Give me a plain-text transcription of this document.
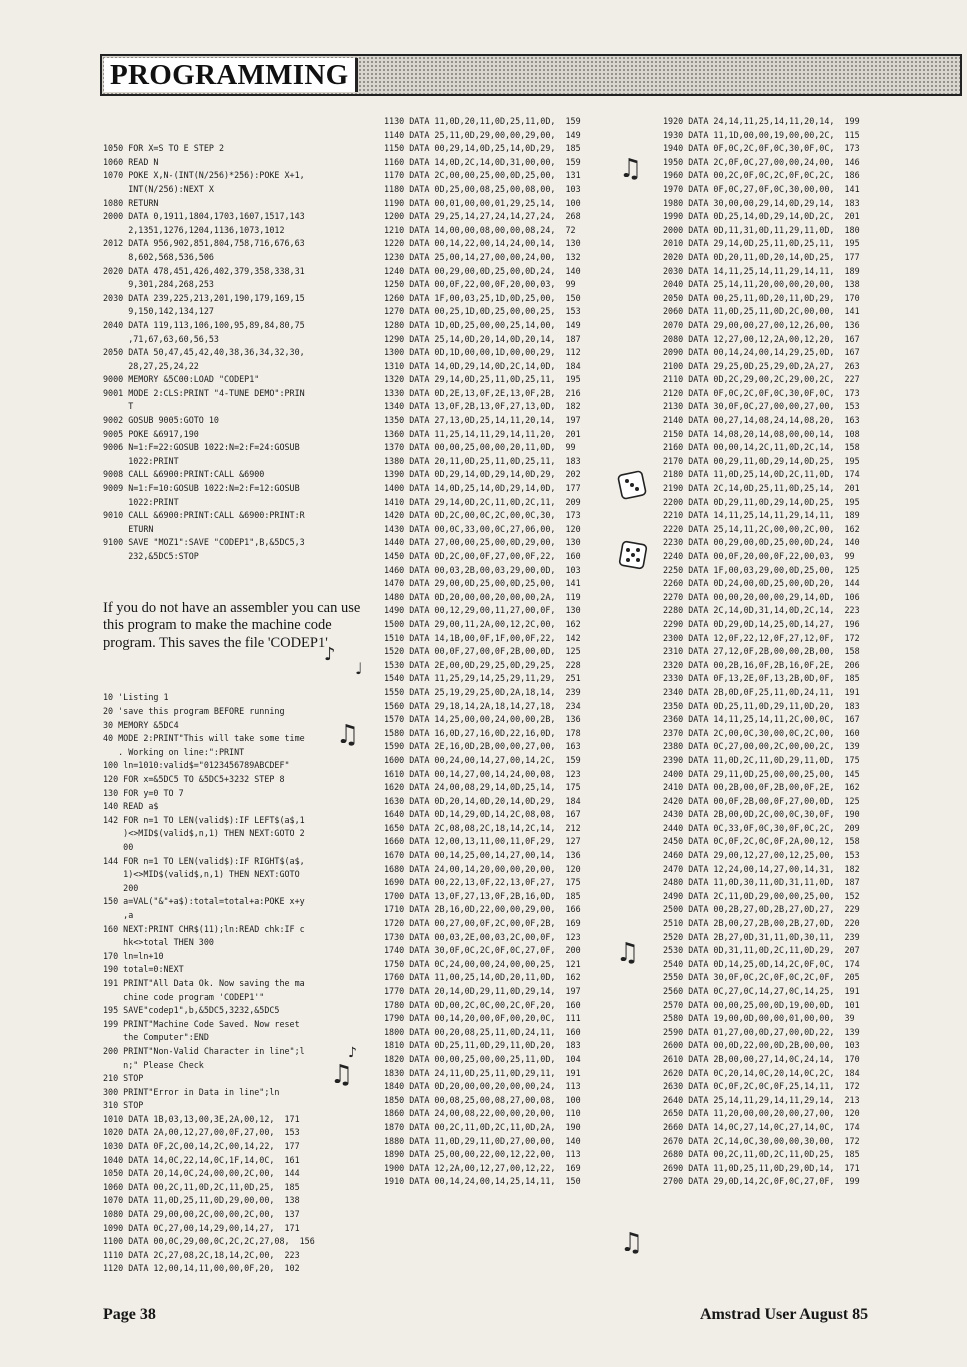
PROGRAMMING

1050 FOR X=S TO E STEP 2
1060 READ N
1070 POKE X,N-(INT(N/256)*256):POKE X+1,
INT(N/256):NEXT X
1080 RETURN
2000 DATA 0,1911,1804,1703,1607,1517,143
2,1351,1276,1204,1136,1073,1012
2012 DATA 956,902,851,804,758,716,676,63
8,602,568,536,506
2020 DATA 478,451,426,402,379,358,338,31
9,301,284,268,253
2030 DATA 239,225,213,201,190,179,169,15
9,150,142,134,127
2040 DATA 119,113,106,100,95,89,84,80,75
,71,67,63,60,56,53
2050 DATA 50,47,45,42,40,38,36,34,32,30,
28,27,25,24,22
9000 MEMORY &5C00:LOAD "CODEP1"
9001 MODE 2:CLS:PRINT "4-TUNE DEMO":PRIN
T
9002 GOSUB 9005:GOTO 10
9005 POKE &6917,190
9006 N=1:F=22:GOSUB 1022:N=2:F=24:GOSUB
1022:PRINT
9008 CALL &6900:PRINT:CALL &6900
9009 N=1:F=10:GOSUB 1022:N=2:F=12:GOSUB
1022:PRINT
9010 CALL &6900:PRINT:CALL &6900:PRINT:R
ETURN
9100 SAVE "MOZ1":SAVE "CODEP1",B,&5DC5,3
232,&5DC5:STOP

If you do not have an assembler you can use this program to make the machine code program. This saves the file 'CODEP1'

10 'Listing 1
20 'save this program BEFORE running
30 MEMORY &5DC4
40 MODE 2:PRINT"This will take some time
. Working on line:":PRINT
100 ln=1010:valid$="0123456789ABCDEF"
120 FOR x=&5DC5 TO &5DC5+3232 STEP 8
130 FOR y=0 TO 7
140 READ a$
142 FOR n=1 TO LEN(valid$):IF LEFT$(a$,1
)<>MID$(valid$,n,1) THEN NEXT:GOTO 2
00
144 FOR n=1 TO LEN(valid$):IF RIGHT$(a$,
1)<>MID$(valid$,n,1) THEN NEXT:GOTO
200
150 a=VAL("&"+a$):total=total+a:POKE x+y
,a
160 NEXT:PRINT CHR$(11);ln:READ chk:IF c
hk<>total THEN 300
170 ln=ln+10
190 total=0:NEXT
191 PRINT"All Data Ok. Now saving the ma
chine code program 'CODEP1'"
195 SAVE"codep1",b,&5DC5,3232,&5DC5
199 PRINT"Machine Code Saved. Now reset
the Computer":END
200 PRINT"Non-Valid Character in line";l
n;" Please Check
210 STOP
300 PRINT"Error in Data in line";ln
310 STOP
1010 DATA 1B,03,13,00,3E,2A,00,12,  171
1020 DATA 2A,00,12,27,00,0F,27,00,  153
1030 DATA 0F,2C,00,14,2C,00,14,22,  177
1040 DATA 14,0C,22,14,0C,1F,14,0C,  161
1050 DATA 20,14,0C,24,00,00,2C,00,  144
1060 DATA 00,2C,11,0D,2C,11,0D,25,  185
1070 DATA 11,0D,25,11,0D,29,00,00,  138
1080 DATA 29,00,00,2C,00,00,2C,00,  137
1090 DATA 0C,27,00,14,29,00,14,27,  171
1100 DATA 00,0C,29,00,0C,2C,2C,27,08,  156
1110 DATA 2C,27,08,2C,18,14,2C,00,  223
1120 DATA 12,00,14,11,00,00,0F,20,  102

1130 DATA 11,0D,20,11,0D,25,11,0D,  159
1140 DATA 25,11,0D,29,00,00,29,00,  149
1150 DATA 00,29,14,0D,25,14,0D,29,  185
1160 DATA 14,0D,2C,14,0D,31,00,00,  159
1170 DATA 2C,00,00,25,00,0D,25,00,  131
1180 DATA 0D,25,00,08,25,00,08,00,  103
1190 DATA 00,01,00,00,01,29,25,14,  100
1200 DATA 29,25,14,27,24,14,27,24,  268
1210 DATA 14,00,00,08,00,00,08,24,  72
1220 DATA 00,14,22,00,14,24,00,14,  130
1230 DATA 25,00,14,27,00,00,24,00,  132
1240 DATA 00,29,00,0D,25,00,0D,24,  140
1250 DATA 00,0F,22,00,0F,20,00,03,  99
1260 DATA 1F,00,03,25,1D,0D,25,00,  150
1270 DATA 00,25,1D,0D,25,00,00,25,  153
1280 DATA 1D,0D,25,00,00,25,14,00,  149
1290 DATA 25,14,0D,20,14,0D,20,14,  187
1300 DATA 0D,1D,00,00,1D,00,00,29,  112
1310 DATA 14,0D,29,14,0D,2C,14,0D,  184
1320 DATA 29,14,0D,25,11,0D,25,11,  195
1330 DATA 0D,2E,13,0F,2E,13,0F,2B,  216
1340 DATA 13,0F,2B,13,0F,27,13,0D,  182
1350 DATA 27,13,0D,25,14,11,20,14,  197
1360 DATA 11,25,14,11,29,14,11,20,  201
1370 DATA 00,00,25,00,00,20,11,0D,  99
1380 DATA 20,11,0D,25,11,0D,25,11,  183
1390 DATA 0D,29,14,0D,29,14,0D,29,  202
1400 DATA 14,0D,25,14,0D,29,14,0D,  177
1410 DATA 29,14,0D,2C,11,0D,2C,11,  209
1420 DATA 0D,2C,00,0C,2C,00,0C,30,  173
1430 DATA 00,0C,33,00,0C,27,06,00,  120
1440 DATA 27,00,00,25,00,0D,29,00,  130
1450 DATA 0D,2C,00,0F,27,00,0F,22,  160
1460 DATA 00,03,2B,00,03,29,00,0D,  103
1470 DATA 29,00,0D,25,00,0D,25,00,  141
1480 DATA 0D,20,00,00,20,00,00,2A,  119
1490 DATA 00,12,29,00,11,27,00,0F,  130
1500 DATA 29,00,11,2A,00,12,2C,00,  162
1510 DATA 14,1B,00,0F,1F,00,0F,22,  142
1520 DATA 00,0F,27,00,0F,2B,00,0D,  125
1530 DATA 2E,00,0D,29,25,0D,29,25,  228
1540 DATA 11,25,29,14,25,29,11,29,  251
1550 DATA 25,19,29,25,0D,2A,18,14,  239
1560 DATA 29,18,14,2A,18,14,27,18,  234
1570 DATA 14,25,00,00,24,00,00,2B,  136
1580 DATA 16,0D,27,16,0D,22,16,0D,  178
1590 DATA 2E,16,0D,2B,00,00,27,00,  163
1600 DATA 00,24,00,14,27,00,14,2C,  159
1610 DATA 00,14,27,00,14,24,00,08,  123
1620 DATA 24,00,08,29,14,0D,25,14,  175
1630 DATA 0D,20,14,0D,20,14,0D,29,  184
1640 DATA 0D,14,29,0D,14,2C,08,08,  167
1650 DATA 2C,08,08,2C,18,14,2C,14,  212
1660 DATA 12,00,13,11,00,11,0F,29,  127
1670 DATA 00,14,25,00,14,27,00,14,  136
1680 DATA 24,00,14,20,00,00,20,00,  120
1690 DATA 00,22,13,0F,22,13,0F,27,  175
1700 DATA 13,0F,27,13,0F,2B,16,0D,  185
1710 DATA 2B,16,0D,22,00,00,29,00,  166
1720 DATA 00,27,00,0F,2C,00,0F,2B,  169
1730 DATA 00,03,2E,00,03,2C,00,0F,  123
1740 DATA 30,0F,0C,2C,0F,0C,27,0F,  200
1750 DATA 0C,24,00,00,24,00,00,25,  121
1760 DATA 11,00,25,14,0D,20,11,0D,  162
1770 DATA 20,14,0D,29,11,0D,29,14,  197
1780 DATA 0D,00,2C,0C,00,2C,0F,20,  160
1790 DATA 00,14,20,00,0F,00,20,0C,  111
1800 DATA 00,20,08,25,11,0D,24,11,  160
1810 DATA 0D,25,11,0D,29,11,0D,20,  183
1820 DATA 00,00,25,00,00,25,11,0D,  104
1830 DATA 24,11,0D,25,11,0D,29,11,  191
1840 DATA 0D,20,00,00,20,00,00,24,  113
1850 DATA 00,08,25,00,08,27,00,08,  100
1860 DATA 24,00,08,22,00,00,20,00,  110
1870 DATA 00,2C,11,0D,2C,11,0D,2A,  190
1880 DATA 11,0D,29,11,0D,27,00,00,  140
1890 DATA 25,00,00,22,00,12,22,00,  113
1900 DATA 12,2A,00,12,27,00,12,22,  169
1910 DATA 00,14,24,00,14,25,14,11,  150
1920 DATA 24,14,11,25,14,11,20,14,  199
1930 DATA 11,1D,00,00,19,00,00,2C,  115
1940 DATA 0F,0C,2C,0F,0C,30,0F,0C,  173
1950 DATA 2C,0F,0C,27,00,00,24,00,  146
1960 DATA 00,2C,0F,0C,2C,0F,0C,2C,  186
1970 DATA 0F,0C,27,0F,0C,30,00,00,  141
1980 DATA 30,00,00,29,14,0D,29,14,  183
1990 DATA 0D,25,14,0D,29,14,0D,2C,  201
2000 DATA 0D,11,31,0D,11,29,11,0D,  180
2010 DATA 29,14,0D,25,11,0D,25,11,  195
2020 DATA 0D,20,11,0D,20,14,0D,25,  177
2030 DATA 14,11,25,14,11,29,14,11,  189
2040 DATA 25,14,11,20,00,00,20,00,  138
2050 DATA 00,25,11,0D,20,11,0D,29,  170
2060 DATA 11,0D,25,11,0D,2C,00,00,  141
2070 DATA 29,00,00,27,00,12,26,00,  136
2080 DATA 12,27,00,12,2A,00,12,20,  167
2090 DATA 00,14,24,00,14,29,25,0D,  167
2100 DATA 29,25,0D,25,29,0D,2A,27,  263
2110 DATA 0D,2C,29,00,2C,29,00,2C,  227
2120 DATA 0F,0C,2C,0F,0C,30,0F,0C,  173
2130 DATA 30,0F,0C,27,00,00,27,00,  153
2140 DATA 00,27,14,08,24,14,08,20,  163
2150 DATA 14,08,20,14,08,00,00,14,  108
2160 DATA 00,00,14,2C,11,0D,2C,14,  158
2170 DATA 00,29,11,0D,29,14,0D,25,  195
2180 DATA 11,0D,25,14,0D,2C,11,0D,  174
2190 DATA 2C,14,0D,25,11,0D,25,14,  201
2200 DATA 0D,29,11,0D,29,14,0D,25,  195
2210 DATA 14,11,25,14,11,29,14,11,  189
2220 DATA 25,14,11,2C,00,00,2C,00,  162
2230 DATA 00,29,00,0D,25,00,0D,24,  140
2240 DATA 00,0F,20,00,0F,22,00,03,  99
2250 DATA 1F,00,03,29,00,0D,25,00,  125
2260 DATA 0D,24,00,0D,25,00,0D,20,  144
2270 DATA 00,00,20,00,00,29,14,0D,  106
2280 DATA 2C,14,0D,31,14,0D,2C,14,  223
2290 DATA 0D,29,0D,14,25,0D,14,27,  196
2300 DATA 12,0F,22,12,0F,27,12,0F,  172
2310 DATA 27,12,0F,2B,00,00,2B,00,  158
2320 DATA 00,2B,16,0F,2B,16,0F,2E,  206
2330 DATA 0F,13,2E,0F,13,2B,0D,0F,  185
2340 DATA 2B,0D,0F,25,11,0D,24,11,  191
2350 DATA 0D,25,11,0D,29,11,0D,20,  183
2360 DATA 14,11,25,14,11,2C,00,0C,  167
2370 DATA 2C,00,0C,30,00,0C,2C,00,  160
2380 DATA 0C,27,00,00,2C,00,00,2C,  139
2390 DATA 11,0D,2C,11,0D,29,11,0D,  175
2400 DATA 29,11,0D,25,00,00,25,00,  145
2410 DATA 00,2B,00,0F,2B,00,0F,2E,  162
2420 DATA 00,0F,2B,00,0F,27,00,0D,  125
2430 DATA 2B,00,0D,2C,00,0C,30,0F,  190
2440 DATA 0C,33,0F,0C,30,0F,0C,2C,  209
2450 DATA 0C,0F,2C,0C,0F,2A,00,12,  158
2460 DATA 29,00,12,27,00,12,25,00,  153
2470 DATA 12,24,00,14,27,00,14,31,  182
2480 DATA 11,0D,30,11,0D,31,11,0D,  187
2490 DATA 2C,11,0D,29,00,00,25,00,  152
2500 DATA 00,2B,27,0D,2B,27,0D,27,  229
2510 DATA 2B,00,27,2B,00,2B,27,0D,  220
2520 DATA 2B,27,0D,31,11,0D,30,11,  239
2530 DATA 0D,31,11,0D,2C,11,0D,29,  207
2540 DATA 0D,14,25,0D,14,2C,0F,0C,  174
2550 DATA 30,0F,0C,2C,0F,0C,2C,0F,  205
2560 DATA 0C,27,0C,14,27,0C,14,25,  191
2570 DATA 00,00,25,00,0D,19,00,0D,  101
2580 DATA 19,00,0D,00,00,01,00,00,  39
2590 DATA 01,27,00,0D,27,00,0D,22,  139
2600 DATA 00,0D,22,00,0D,2B,00,00,  103
2610 DATA 2B,00,00,27,14,0C,24,14,  170
2620 DATA 0C,20,14,0C,20,14,0C,2C,  184
2630 DATA 0C,0F,2C,0C,0F,25,14,11,  172
2640 DATA 25,14,11,29,14,11,29,14,  213
2650 DATA 11,20,00,00,20,00,27,00,  120
2660 DATA 14,0C,27,14,0C,27,14,0C,  174
2670 DATA 2C,14,0C,30,00,00,30,00,  172
2680 DATA 00,2C,11,0D,2C,11,0D,25,  185
2690 DATA 11,0D,25,11,0D,29,0D,14,  171
2700 DATA 29,0D,14,2C,0F,0C,27,0F,  199
♪
♩
♫
♪
♫
♫
♫
♫
Page 38	Amstrad User August 85
